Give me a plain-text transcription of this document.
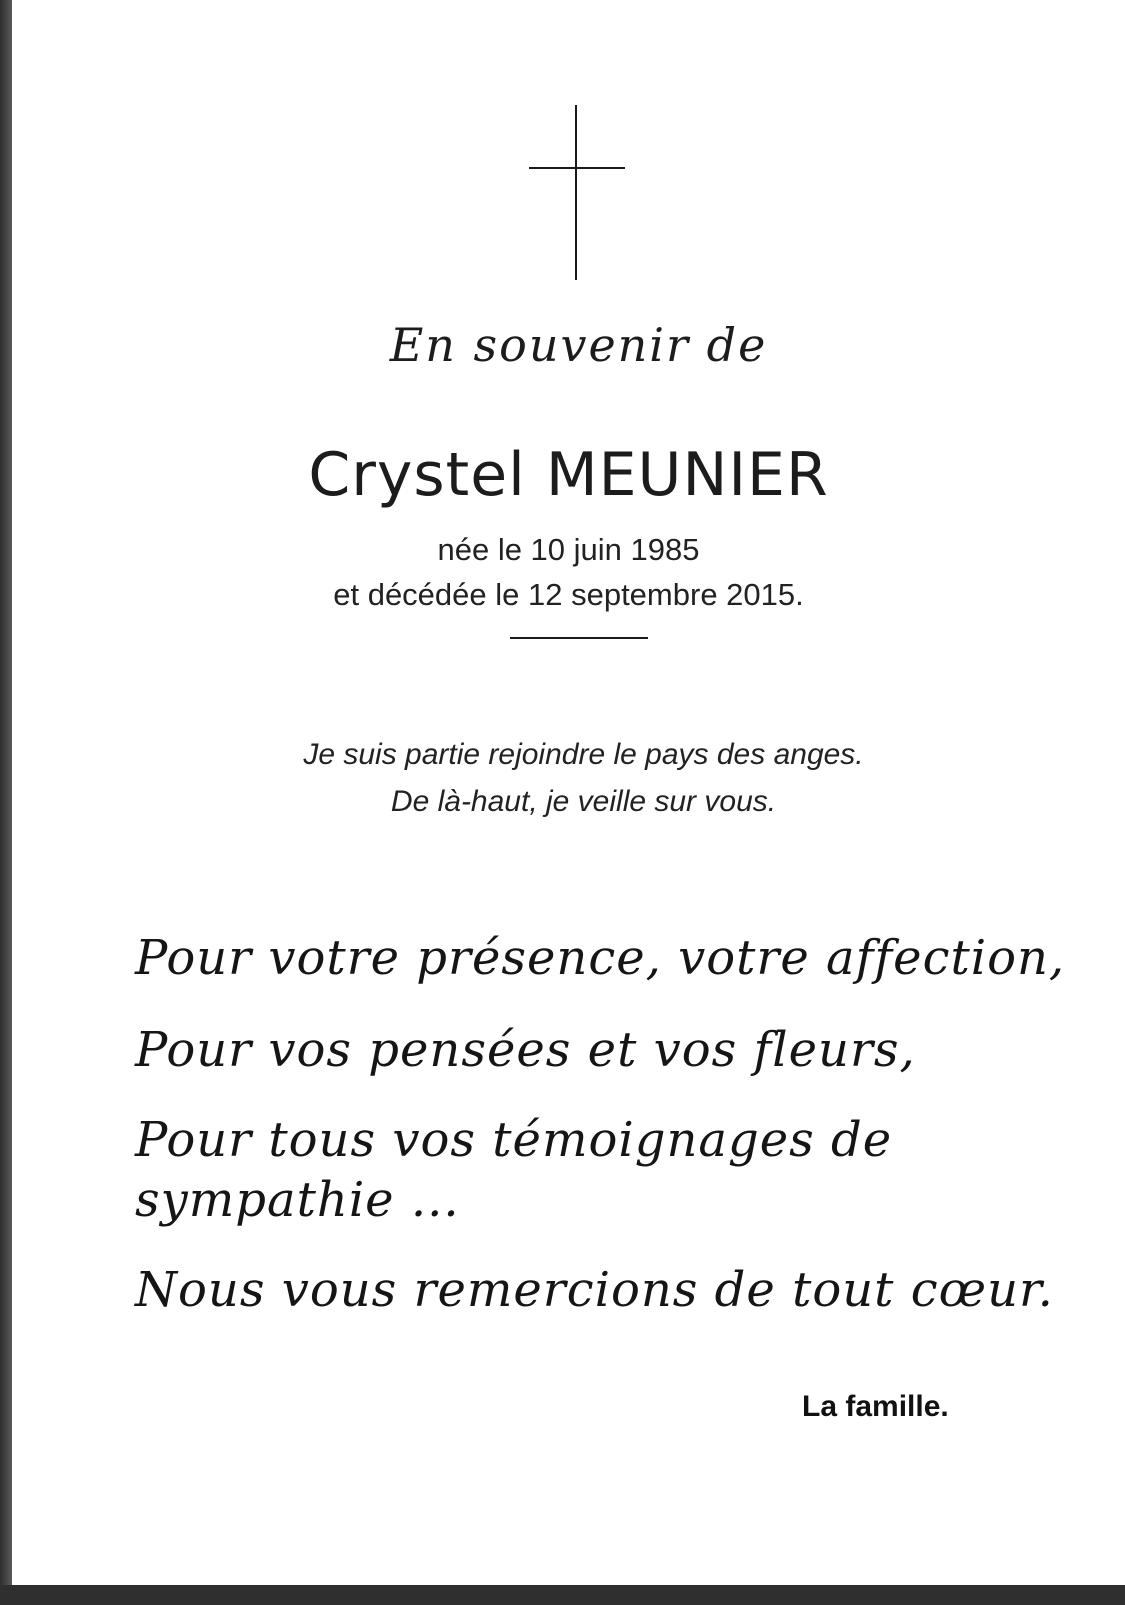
En souvenir de
Crystel MEUNIER
née le 10 juin 1985
et décédée le 12 septembre 2015.
Je suis partie rejoindre le pays des anges.
De là-haut, je veille sur vous.
Pour votre présence, votre affection,
Pour vos pensées et vos fleurs,
Pour tous vos témoignages de
sympathie ...
Nous vous remercions de tout cœur.
La famille.
